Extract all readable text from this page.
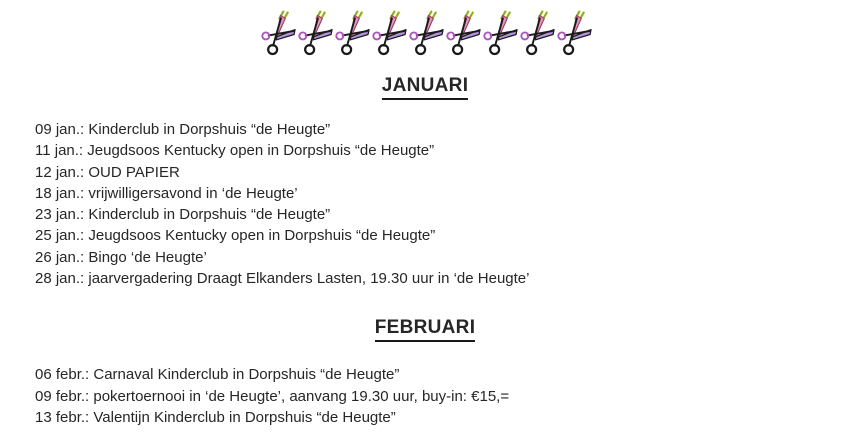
JANUARI
09 jan.: Kinderclub in Dorpshuis “de Heugte”
11 jan.: Jeugdsoos Kentucky open in Dorpshuis “de Heugte”
12 jan.: OUD PAPIER
18 jan.: vrijwilligersavond in ‘de Heugte’
23 jan.: Kinderclub in Dorpshuis “de Heugte”
25 jan.: Jeugdsoos Kentucky open in Dorpshuis “de Heugte”
26 jan.: Bingo ‘de Heugte’
28 jan.: jaarvergadering Draagt Elkanders Lasten, 19.30 uur in ‘de Heugte’
FEBRUARI
06 febr.: Carnaval Kinderclub in Dorpshuis “de Heugte”
09 febr.: pokertoernooi in ‘de Heugte’, aanvang 19.30 uur, buy-in: €15,=
13 febr.: Valentijn Kinderclub in Dorpshuis “de Heugte”
